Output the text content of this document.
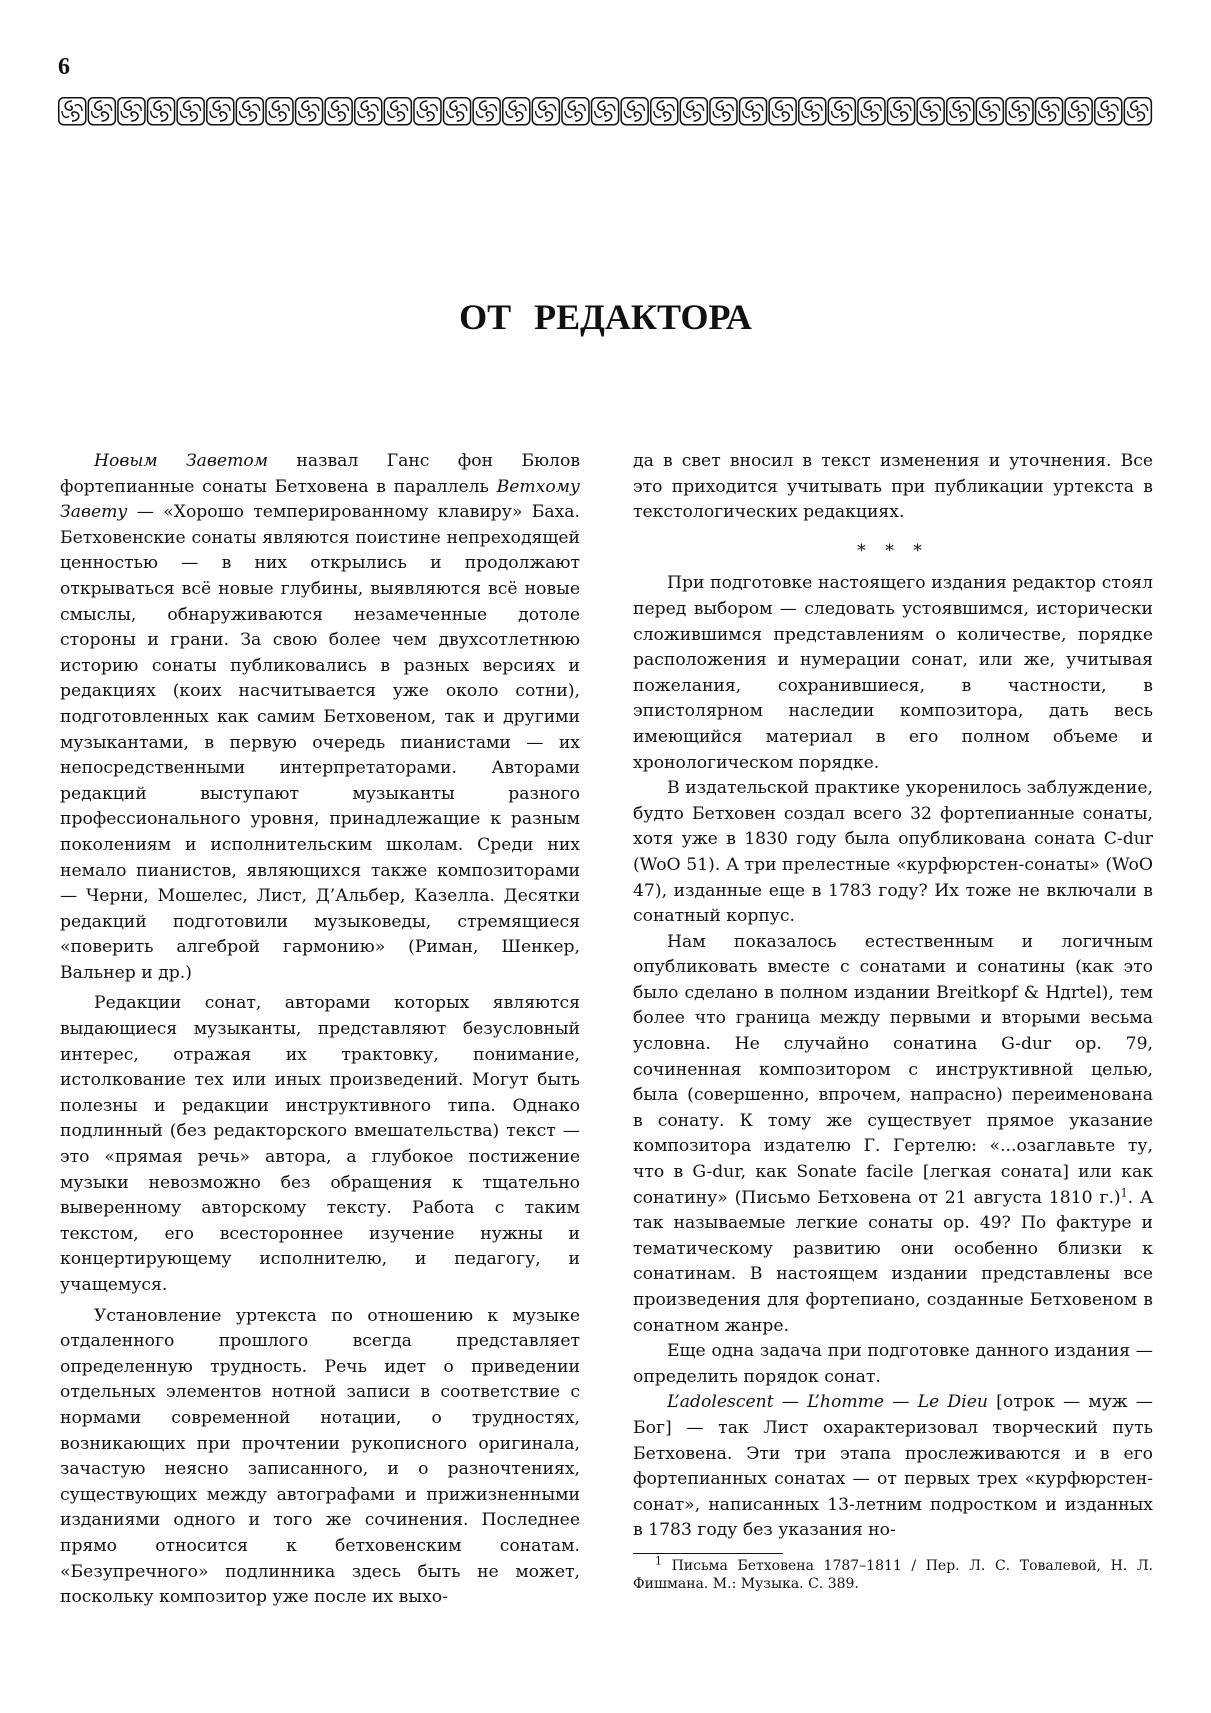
6
ОТ РЕДАКТОРА

Новым Заветом назвал Ганс фон Бюлов фортепианные сонаты Бетховена в параллель Ветхому Завету — «Хорошо темперированному клавиру» Баха. Бетховенские сонаты являются поистине непреходящей ценностью — в них открылись и продолжают открываться всё новые глубины, выявляются всё новые смыслы, обнаруживаются незамеченные дотоле стороны и грани. За свою более чем двухсотлетнюю историю сонаты публиковались в разных версиях и редакциях (коих насчитывается уже около сотни), подготовленных как самим Бетховеном, так и другими музыкантами, в первую очередь пианистами — их непосредственными интерпретаторами. Авторами редакций выступают музыканты разного профессионального уровня, принадлежащие к разным поколениям и исполнительским школам. Среди них немало пианистов, являющихся также композиторами — Черни, Мошелес, Лист, Д’Альбер, Казелла. Десятки редакций подготовили музыковеды, стремящиеся «поверить алгеброй гармонию» (Риман, Шенкер, Вальнер и др.)

Редакции сонат, авторами которых являются выдающиеся музыканты, представляют безусловный интерес, отражая их трактовку, понимание, истолкование тех или иных произведений. Могут быть полезны и редакции инструктивного типа. Однако подлинный (без редакторского вмешательства) текст — это «прямая речь» автора, а глубокое постижение музыки невозможно без обращения к тщательно выверенному авторскому тексту. Работа с таким текстом, его всестороннее изучение нужны и концертирующему исполнителю, и педагогу, и учащемуся.

Установление уртекста по отношению к музыке отдаленного прошлого всегда представляет определенную трудность. Речь идет о приведении отдельных элементов нотной записи в соответствие с нормами современной нотации, о трудностях, возникающих при прочтении рукописного оригинала, зачастую неясно записанного, и о разночтениях, существующих между автографами и прижизненными изданиями одного и того же сочинения. Последнее прямо относится к бетховенским сонатам. «Безупречного» подлинника здесь быть не может, поскольку композитор уже после их выхо-

да в свет вносил в текст изменения и уточнения. Все это приходится учитывать при публикации уртекста в текстологических редакциях.

* * *

При подготовке настоящего издания редактор стоял перед выбором — следовать устоявшимся, исторически сложившимся представлениям о количестве, порядке расположения и нумерации сонат, или же, учитывая пожелания, сохранившиеся, в частности, в эпистолярном наследии композитора, дать весь имеющийся материал в его полном объеме и хронологическом порядке.

В издательской практике укоренилось заблуждение, будто Бетховен создал всего 32 фортепианные сонаты, хотя уже в 1830 году была опубликована соната C-dur (WoO 51). А три прелестные «курфюрстен-сонаты» (WoO 47), изданные еще в 1783 году? Их тоже не включали в сонатный корпус.

Нам показалось естественным и логичным опубликовать вместе с сонатами и сонатины (как это было сделано в полном издании Breitkopf & Hдrtel), тем более что граница между первыми и вторыми весьма условна. Не случайно сонатина G-dur op. 79, сочиненная композитором с инструктивной целью, была (совершенно, впрочем, напрасно) переименована в сонату. К тому же существует прямое указание композитора издателю Г. Гертелю: «...озаглавьте ту, что в G-dur, как Sonate facile [легкая соната] или как сонатину» (Письмо Бетховена от 21 августа 1810 г.)$^1$. А так называемые легкие сонаты ор. 49? По фактуре и тематическому развитию они особенно близки к сонатинам. В настоящем издании представлены все произведения для фортепиано, созданные Бетховеном в сонатном жанре.

Еще одна задача при подготовке данного издания — определить порядок сонат.

L’adolescent — L’homme — Le Dieu [отрок — муж — Бог] — так Лист охарактеризовал творческий путь Бетховена. Эти три этапа прослеживаются и в его фортепианных сонатах — от первых трех «курфюрстен-сонат», написанных 13-летним подростком и изданных в 1783 году без указания но-

$^1$ Письма Бетховена 1787–1811 / Пер. Л. С. Товалевой, Н. Л. Фишмана. М.: Музыка. С. 389.
